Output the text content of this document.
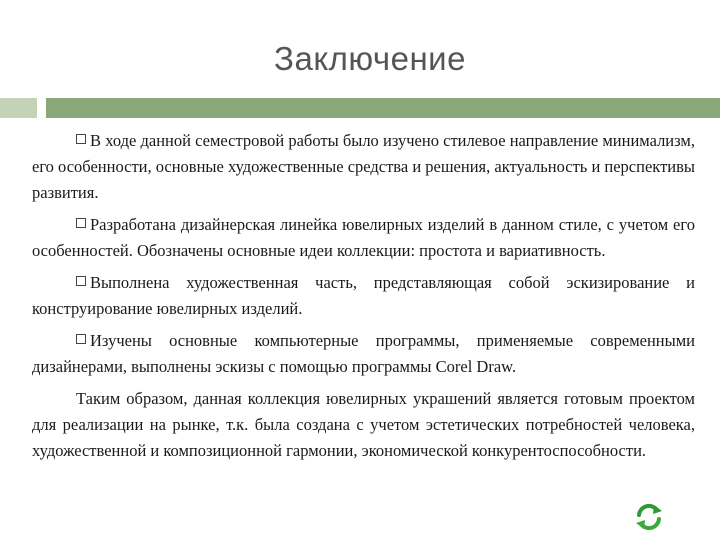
Заключение

В ходе данной семестровой работы было изучено стилевое направление минимализм, его особенности, основные художественные средства и решения, актуальность и перспективы развития.

Разработана дизайнерская линейка ювелирных изделий в данном стиле, с учетом его особенностей. Обозначены основные идеи коллекции: простота и вариативность.

Выполнена художественная часть, представляющая собой эскизирование и конструирование ювелирных изделий.

Изучены основные компьютерные программы, применяемые современными дизайнерами, выполнены эскизы с помощью программы Corel Draw.

Таким образом, данная коллекция ювелирных украшений является готовым проектом для реализации на рынке, т.к. была создана с учетом эстетических потребностей человека, художественной и композиционной гармонии, экономической конкурентоспособности.
